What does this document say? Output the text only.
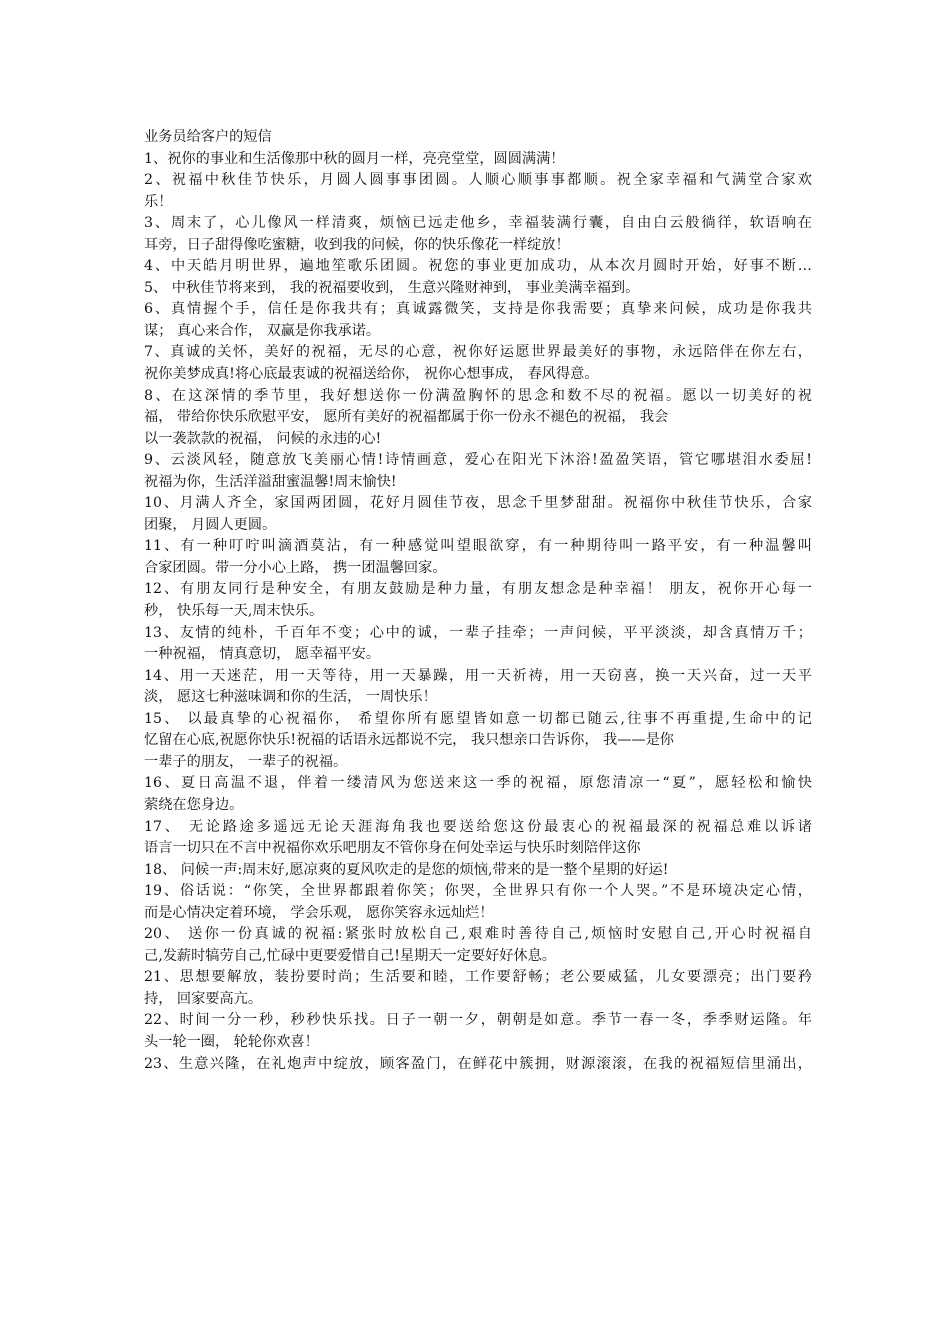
业务员给客户的短信
1、祝你的事业和生活像那中秋的圆月一样，亮亮堂堂，圆圆满满！
2、祝福中秋佳节快乐，月圆人圆事事团圆。人顺心顺事事都顺。祝全家幸福和气满堂合家欢
乐！
3、周末了，心儿像风一样清爽，烦恼已远走他乡，幸福装满行囊，自由白云般徜徉，软语响在
耳旁，日子甜得像吃蜜糖，收到我的问候，你的快乐像花一样绽放！
4、中天皓月明世界，遍地笙歌乐团圆。祝您的事业更加成功，从本次月圆时开始，好事不断…
5、 中秋佳节将来到， 我的祝福要收到， 生意兴隆财神到， 事业美满幸福到。
6、真情握个手，信任是你我共有；真诚露微笑，支持是你我需要；真挚来问候，成功是你我共
谋； 真心来合作， 双赢是你我承诺。
7、真诚的关怀，美好的祝福，无尽的心意，祝你好运愿世界最美好的事物，永远陪伴在你左右，
祝你美梦成真!将心底最衷诚的祝福送给你， 祝你心想事成， 春风得意。
8、在这深情的季节里，我好想送你一份满盈胸怀的思念和数不尽的祝福。愿以一切美好的祝
福， 带给你快乐欣慰平安， 愿所有美好的祝福都属于你一份永不褪色的祝福， 我会
以一袭款款的祝福， 问候的永违的心!
9、云淡风轻，随意放飞美丽心情!诗情画意，爱心在阳光下沐浴!盈盈笑语，管它哪堪泪水委屈!
祝福为你，生活洋溢甜蜜温馨!周末愉快!
10、月满人齐全，家国两团圆，花好月圆佳节夜，思念千里梦甜甜。祝福你中秋佳节快乐，合家
团聚， 月圆人更圆。
11、有一种叮咛叫滴酒莫沾，有一种感觉叫望眼欲穿，有一种期待叫一路平安，有一种温馨叫
合家团圆。带一分小心上路， 携一团温馨回家。
12、有朋友同行是种安全，有朋友鼓励是种力量，有朋友想念是种幸福！ 朋友，祝你开心每一
秒， 快乐每一天,周末快乐。
13、友情的纯朴，千百年不变；心中的诚，一辈子挂牵；一声问候，平平淡淡，却含真情万千；
一种祝福， 情真意切， 愿幸福平安。
14、用一天迷茫，用一天等待，用一天暴躁，用一天祈祷，用一天窃喜，换一天兴奋，过一天平
淡， 愿这七种滋味调和你的生活， 一周快乐！
15、 以最真挚的心祝福你， 希望你所有愿望皆如意一切都已随云,往事不再重提,生命中的记
忆留在心底,祝愿你快乐!祝福的话语永远都说不完， 我只想亲口告诉你， 我——是你
一辈子的朋友， 一辈子的祝福。
16、夏日高温不退，伴着一缕清风为您送来这一季的祝福，原您清凉一“夏”，愿轻松和愉快
萦绕在您身边。
17、 无论路途多遥远无论天涯海角我也要送给您这份最衷心的祝福最深的祝福总难以诉诸
语言一切只在不言中祝福你欢乐吧朋友不管你身在何处幸运与快乐时刻陪伴这你
18、 问候一声:周末好,愿凉爽的夏风吹走的是您的烦恼,带来的是一整个星期的好运!
19、俗话说：“你笑，全世界都跟着你笑；你哭，全世界只有你一个人哭。”不是环境决定心情，
而是心情决定着环境， 学会乐观， 愿你笑容永远灿烂！
20、 送你一份真诚的祝福:紧张时放松自己,艰难时善待自己,烦恼时安慰自己,开心时祝福自
己,发薪时犒劳自己,忙碌中更要爱惜自己!星期天一定要好好休息。
21、思想要解放，装扮要时尚；生活要和睦，工作要舒畅；老公要威猛，儿女要漂亮；出门要矜
持， 回家要高亢。
22、时间一分一秒，秒秒快乐找。日子一朝一夕，朝朝是如意。季节一春一冬，季季财运隆。年
头一轮一圈， 轮轮你欢喜！
23、生意兴隆，在礼炮声中绽放，顾客盈门，在鲜花中簇拥，财源滚滚，在我的祝福短信里涌出，
